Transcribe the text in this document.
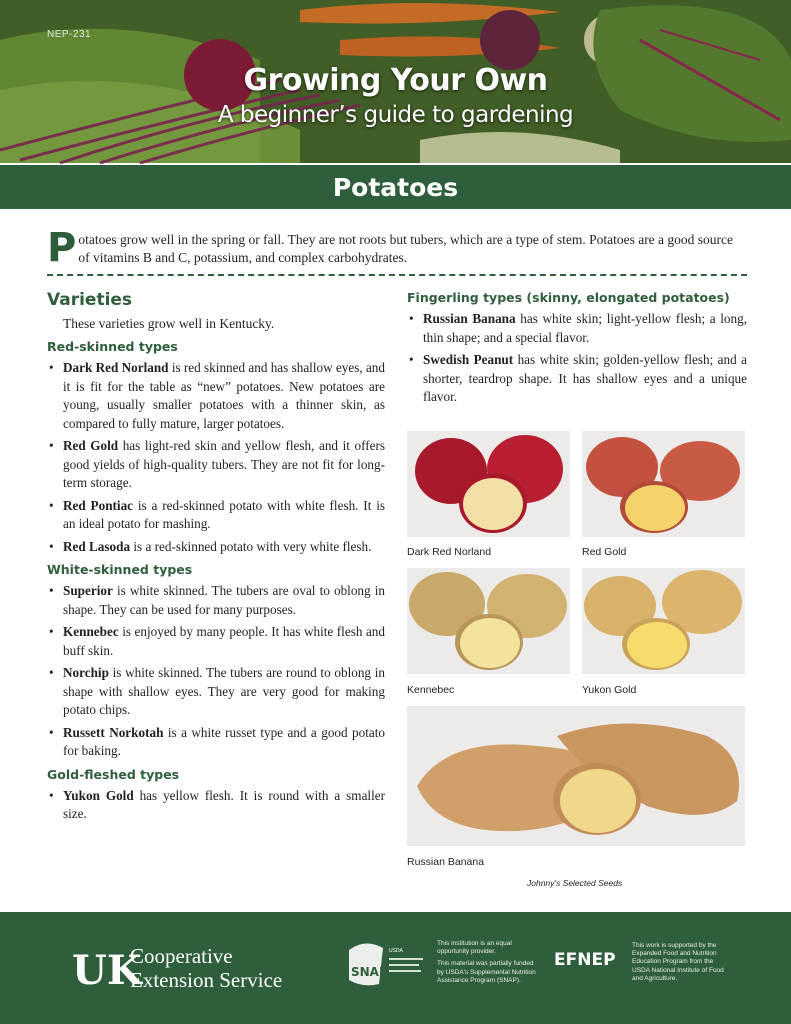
NEP-231
Growing Your Own
A beginner’s guide to gardening
Potatoes
P otatoes grow well in the spring or fall. They are not roots but tubers, which are a type of stem. Potatoes are a good source of vitamins B and C, potassium, and complex carbohydrates.
Varieties

These varieties grow well in Kentucky.

Red-skinned types
• Dark Red Norland is red skinned and has shallow eyes, and it is fit for the table as “new” potatoes. New potatoes are young, usually smaller potatoes with a thinner skin, as compared to fully mature, larger potatoes.
• Red Gold has light-red skin and yellow flesh, and it offers good yields of high-quality tubers. They are not fit for long-term storage.
• Red Pontiac is a red-skinned potato with white flesh. It is an ideal potato for mashing.
• Red Lasoda is a red-skinned potato with very white flesh.
White-skinned types
• Superior is white skinned. The tubers are oval to oblong in shape. They can be used for many purposes.
• Kennebec is enjoyed by many people. It has white flesh and buff skin.
• Norchip is white skinned. The tubers are round to oblong in shape with shallow eyes. They are very good for making potato chips.
• Russett Norkotah is a white russet type and a good potato for baking.
Gold-fleshed types
• Yukon Gold has yellow flesh. It is round with a smaller size.
Fingerling types (skinny, elongated potatoes)
• Russian Banana has white skin; light-yellow flesh; a long, thin shape; and a special flavor.
• Swedish Peanut has white skin; golden-yellow flesh; and a shorter, teardrop shape. It has shallow eyes and a unique flavor.
Dark Red Norland	Red Gold
Kennebec	Yukon Gold
Russian Banana
Johnny's Selected Seeds
UK
Cooperative
Extension Service	SNAP
USDA
This institution is an equal opportunity provider.
This material was partially funded by USDA's Supplemental Nutrition Assistance Program (SNAP).
EFNEP
This work is supported by the Expanded Food and Nutrition Education Program from the USDA National Institute of Food and Agriculture.
